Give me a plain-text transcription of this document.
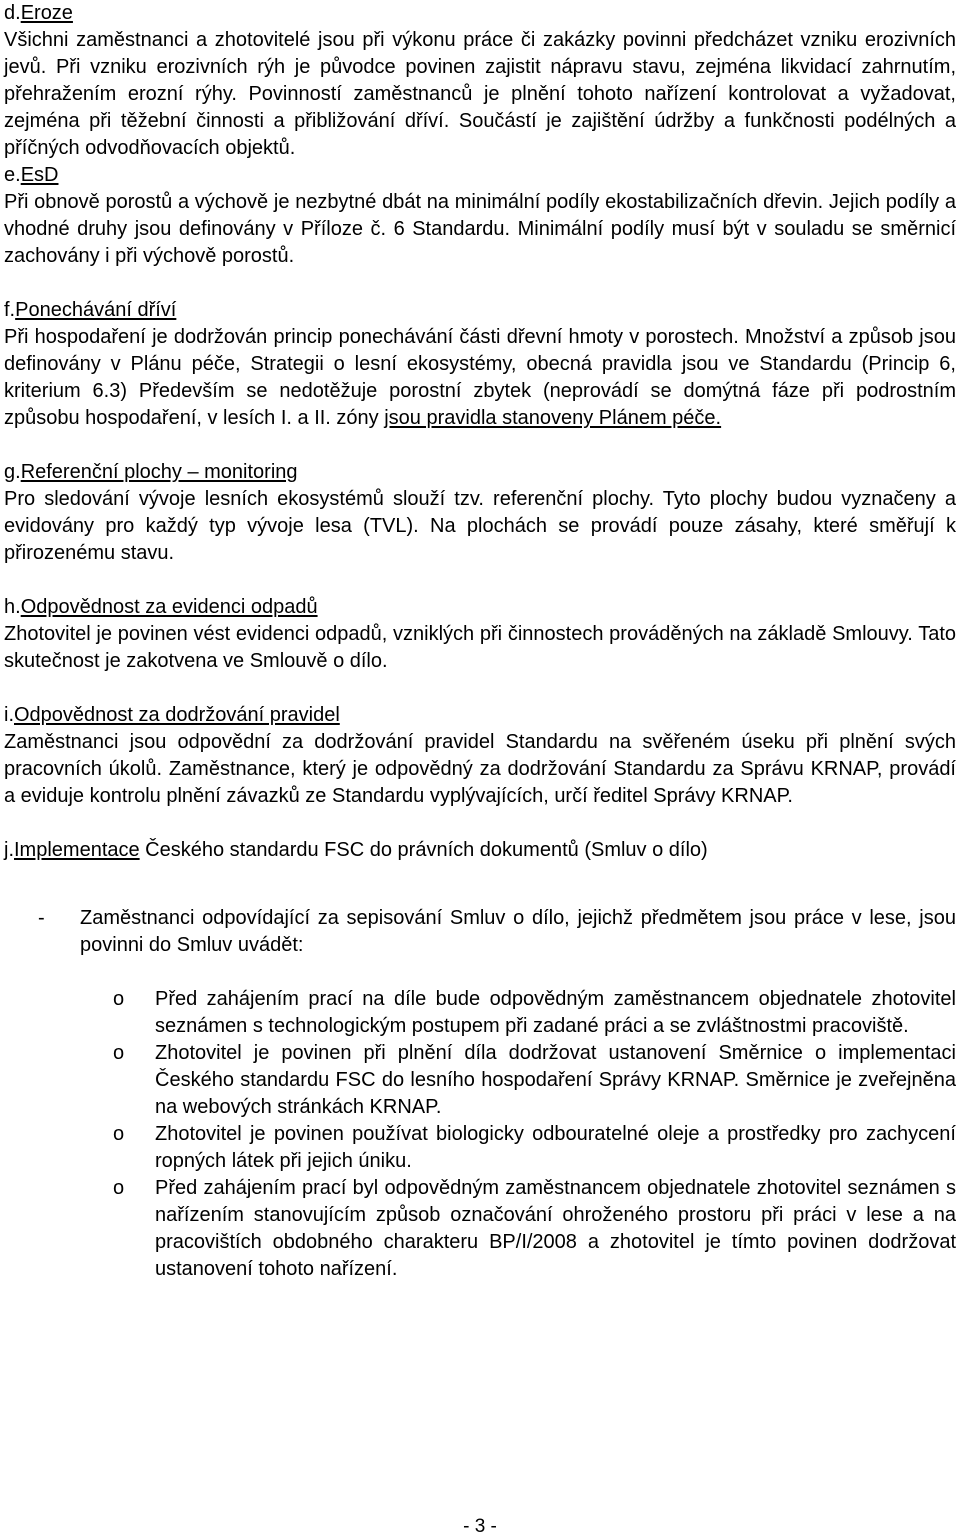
d.Eroze

Všichni zaměstnanci a zhotovitelé jsou při výkonu práce či zakázky povinni předcházet vzniku erozivních jevů. Při vzniku erozivních rýh je původce povinen zajistit nápravu stavu, zejména likvidací zahrnutím, přehražením erozní rýhy. Povinností zaměstnanců je plnění tohoto nařízení kontrolovat a vyžadovat, zejména při těžební činnosti a přibližování dříví. Součástí je zajištění údržby a funkčnosti podélných a příčných odvodňovacích objektů.

e.EsD

Při obnově porostů a výchově je nezbytné dbát na minimální podíly ekostabilizačních dřevin. Jejich podíly a vhodné druhy jsou definovány v Příloze č. 6 Standardu. Minimální podíly musí být v souladu se směrnicí zachovány i při výchově porostů.

f.Ponechávání dříví

Při hospodaření je dodržován princip ponechávání části dřevní hmoty v porostech. Množství a způsob jsou definovány v Plánu péče, Strategii o lesní ekosystémy, obecná pravidla jsou ve Standardu (Princip 6, kriterium 6.3) Především se nedotěžuje porostní zbytek (neprovádí se domýtná fáze při podrostním způsobu hospodaření, v lesích I. a II. zóny jsou pravidla stanoveny Plánem péče.

g.Referenční plochy – monitoring

Pro sledování vývoje lesních ekosystémů slouží tzv. referenční plochy. Tyto plochy budou vyznačeny a evidovány pro každý typ vývoje lesa (TVL). Na plochách se provádí pouze zásahy, které směřují k přirozenému stavu.

h.Odpovědnost za evidenci odpadů

Zhotovitel je povinen vést evidenci odpadů, vzniklých při činnostech prováděných na základě Smlouvy. Tato skutečnost je zakotvena ve Smlouvě o dílo.

i.Odpovědnost za dodržování pravidel

Zaměstnanci jsou odpovědní za dodržování pravidel Standardu na svěřeném úseku při plnění svých pracovních úkolů. Zaměstnance, který je odpovědný za dodržování Standardu za Správu KRNAP, provádí a eviduje kontrolu plnění závazků ze Standardu vyplývajících, určí ředitel Správy KRNAP.

j.Implementace Českého standardu FSC do právních dokumentů (Smluv o dílo)
- Zaměstnanci odpovídající za sepisování Smluv o dílo, jejichž předmětem jsou práce v lese, jsou povinni do Smluv uvádět:
o Před zahájením prací na díle bude odpovědným zaměstnancem objednatele zhotovitel seznámen s technologickým postupem při zadané práci a se zvláštnostmi pracoviště.
o Zhotovitel je povinen při plnění díla dodržovat ustanovení Směrnice o implementaci Českého standardu FSC do lesního hospodaření Správy KRNAP. Směrnice je zveřejněna na webových stránkách KRNAP.
o Zhotovitel je povinen používat biologicky odbouratelné oleje a prostředky pro zachycení ropných látek při jejich úniku.
o Před zahájením prací byl odpovědným zaměstnancem objednatele zhotovitel seznámen s nařízením stanovujícím způsob označování ohroženého prostoru při práci v lese a na pracovištích obdobného charakteru BP/I/2008 a zhotovitel je tímto povinen dodržovat ustanovení tohoto nařízení.
- 3 -
